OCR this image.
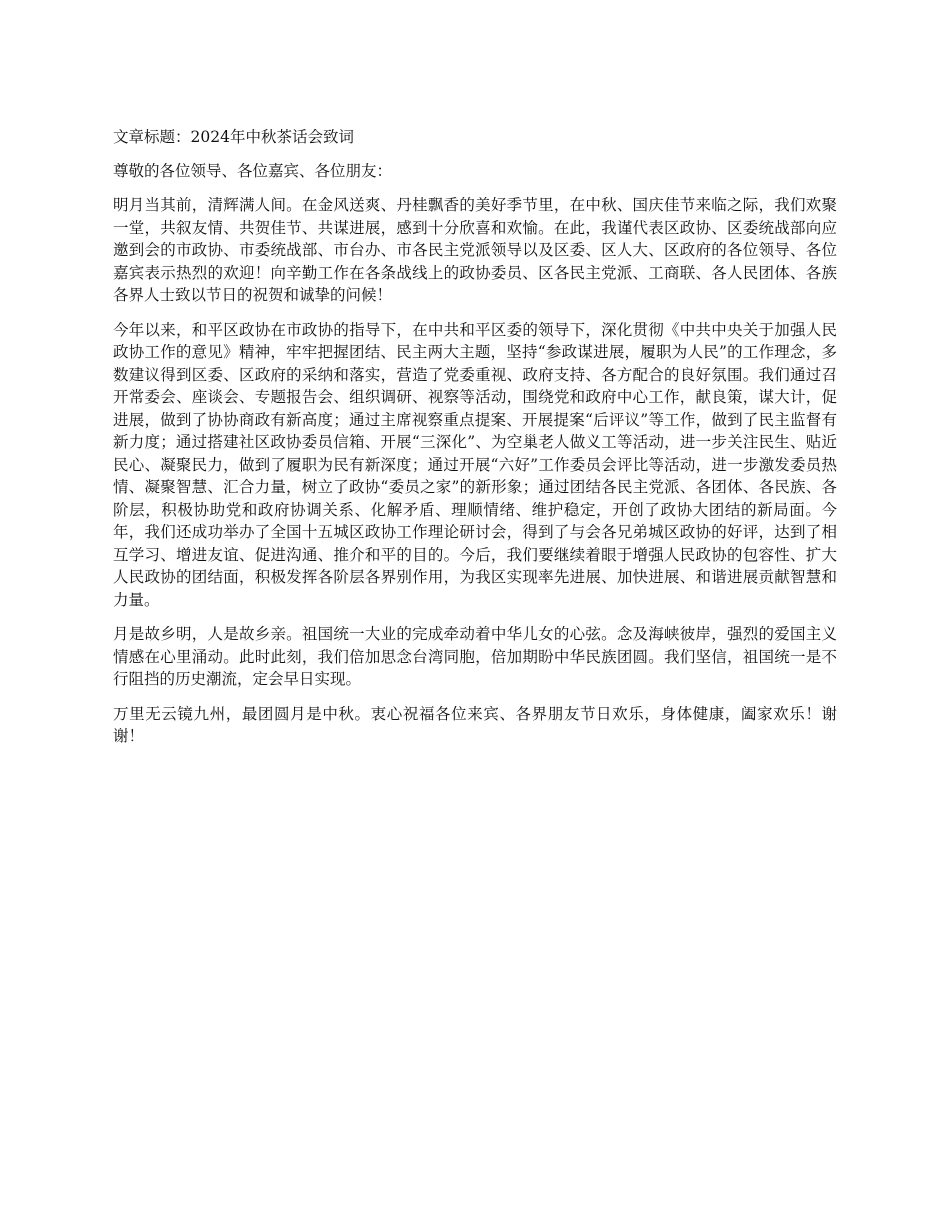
文章标题：2024年中秋茶话会致词

尊敬的各位领导、各位嘉宾、各位朋友：

明月当其前，清辉满人间。在金风送爽、丹桂飘香的美好季节里，在中秋、国庆佳节来临之际，我们欢聚一堂，共叙友情、共贺佳节、共谋进展，感到十分欣喜和欢愉。在此，我谨代表区政协、区委统战部向应邀到会的市政协、市委统战部、市台办、市各民主党派领导以及区委、区人大、区政府的各位领导、各位嘉宾表示热烈的欢迎！向辛勤工作在各条战线上的政协委员、区各民主党派、工商联、各人民团体、各族各界人士致以节日的祝贺和诚挚的问候！

今年以来，和平区政协在市政协的指导下，在中共和平区委的领导下，深化贯彻《中共中央关于加强人民政协工作的意见》精神，牢牢把握团结、民主两大主题，坚持“参政谋进展，履职为人民”的工作理念，多数建议得到区委、区政府的采纳和落实，营造了党委重视、政府支持、各方配合的良好氛围。我们通过召开常委会、座谈会、专题报告会、组织调研、视察等活动，围绕党和政府中心工作，献良策，谋大计，促进展，做到了协协商政有新高度；通过主席视察重点提案、开展提案“后评议”等工作，做到了民主监督有新力度；通过搭建社区政协委员信箱、开展“三深化”、为空巢老人做义工等活动，进一步关注民生、贴近民心、凝聚民力，做到了履职为民有新深度；通过开展“六好”工作委员会评比等活动，进一步激发委员热情、凝聚智慧、汇合力量，树立了政协“委员之家”的新形象；通过团结各民主党派、各团体、各民族、各阶层，积极协助党和政府协调关系、化解矛盾、理顺情绪、维护稳定，开创了政协大团结的新局面。今年，我们还成功举办了全国十五城区政协工作理论研讨会，得到了与会各兄弟城区政协的好评，达到了相互学习、增进友谊、促进沟通、推介和平的目的。今后，我们要继续着眼于增强人民政协的包容性、扩大人民政协的团结面，积极发挥各阶层各界别作用，为我区实现率先进展、加快进展、和谐进展贡献智慧和力量。

月是故乡明，人是故乡亲。祖国统一大业的完成牵动着中华儿女的心弦。念及海峡彼岸，强烈的爱国主义情感在心里涌动。此时此刻，我们倍加思念台湾同胞，倍加期盼中华民族团圆。我们坚信，祖国统一是不行阻挡的历史潮流，定会早日实现。

万里无云镜九州，最团圆月是中秋。衷心祝福各位来宾、各界朋友节日欢乐，身体健康，阖家欢乐！谢谢！
